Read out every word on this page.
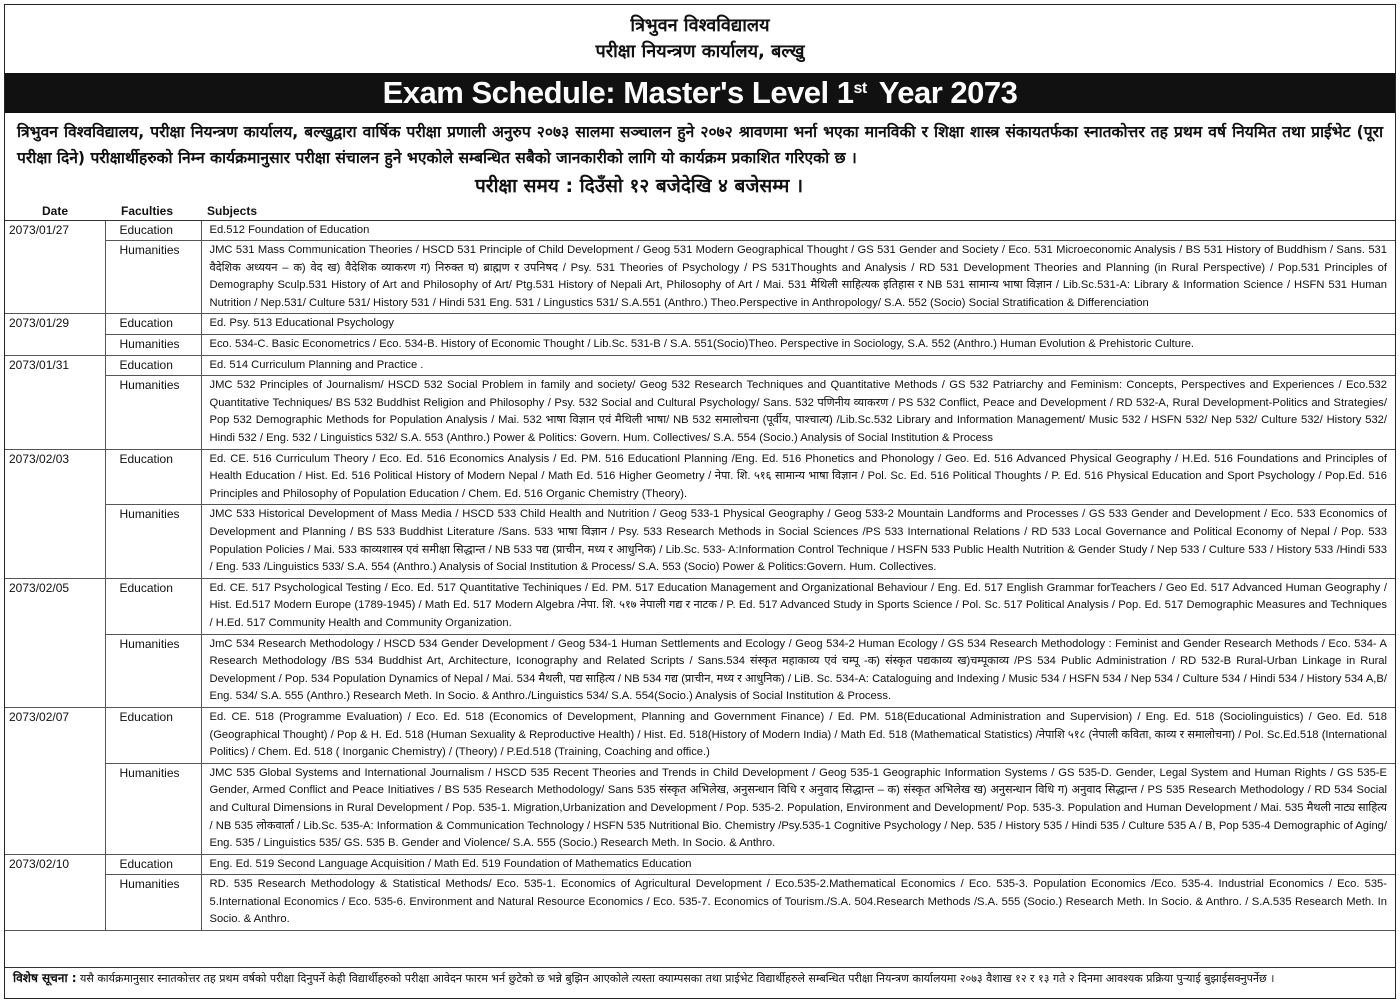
त्रिभुवन विश्वविद्यालय
परीक्षा नियन्त्रण कार्यालय, बल्खु
Exam Schedule: Master's Level 1st Year 2073
त्रिभुवन विश्वविद्यालय, परीक्षा नियन्त्रण कार्यालय, बल्खुद्वारा वार्षिक परीक्षा प्रणाली अनुरुप २०७३ सालमा सञ्चालन हुने २०७२ श्रावणमा भर्ना भएका मानविकी र शिक्षा शास्त्र संकायतर्फका स्नातकोत्तर तह प्रथम वर्ष नियमित तथा प्राईभेट (पूरा परीक्षा दिने) परीक्षार्थीहरुको निम्न कार्यक्रमानुसार परीक्षा संचालन हुने भएकोले सम्बन्धित सबैको जानकारीको लागि यो कार्यक्रम प्रकाशित गरिएको छ ।
परीक्षा समय : दिउँसो १२ बजेदेखि ४ बजेसम्म ।
Date	Faculties	Subjects
2073/01/27	Education	Ed.512 Foundation of Education
	Humanities	JMC 531 Mass Communication Theories / HSCD 531 Principle of Child Development / Geog 531 Modern Geographical Thought / GS 531 Gender and Society / Eco. 531 Microeconomic Analysis / BS 531 History of Buddhism / Sans. 531 वैदेशिक अध्ययन – क) वेद ख) वैदेशिक व्याकरण ग) निरुक्त घ) ब्राह्मण र उपनिषद / Psy. 531 Theories of Psychology / PS 531Thoughts and Analysis / RD 531 Development Theories and Planning (in Rural Perspective) / Pop.531 Principles of Demography Sculp.531 History of Art and Philosophy of Art/ Ptg.531 History of Nepali Art, Philosophy of Art / Mai. 531 मैथिली साहित्यक इतिहास र NB 531 सामान्य भाषा विज्ञान / Lib.Sc.531-A: Library & Information Science / HSFN 531 Human Nutrition / Nep.531/ Culture 531/ History 531 / Hindi 531 Eng. 531 / Lingustics 531/ S.A.551 (Anthro.) Theo.Perspective in Anthropology/ S.A. 552 (Socio) Social Stratification & Differenciation
2073/01/29	Education	Ed. Psy. 513 Educational Psychology
	Humanities	Eco. 534-C. Basic Econometrics / Eco. 534-B. History of Economic Thought / Lib.Sc. 531-B / S.A. 551(Socio)Theo. Perspective in Sociology, S.A. 552 (Anthro.) Human Evolution & Prehistoric Culture.
2073/01/31	Education	Ed. 514 Curriculum Planning and Practice .
	Humanities	JMC 532 Principles of Journalism/ HSCD 532 Social Problem in family and society/ Geog 532 Research Techniques and Quantitative Methods / GS 532 Patriarchy and Feminism: Concepts, Perspectives and Experiences / Eco.532 Quantitative Techniques/ BS 532 Buddhist Religion and Philosophy / Psy. 532 Social and Cultural Psychology/ Sans. 532 पणिनीय व्याकरण / PS 532 Conflict, Peace and Development / RD 532-A, Rural Development-Politics and Strategies/ Pop 532 Demographic Methods for Population Analysis / Mai. 532 भाषा विज्ञान एवं मैथिली भाषा/ NB 532 समालोचना (पूर्वीय, पाश्चात्य) /Lib.Sc.532 Library and Information Management/ Music 532 / HSFN 532/ Nep 532/ Culture 532/ History 532/ Hindi 532 / Eng. 532 / Linguistics 532/ S.A. 553 (Anthro.) Power & Politics: Govern. Hum. Collectives/ S.A. 554 (Socio.) Analysis of Social Institution & Process
2073/02/03	Education	Ed. CE. 516 Curriculum Theory / Eco. Ed. 516 Economics Analysis / Ed. PM. 516 Educationl Planning /Eng. Ed. 516 Phonetics and Phonology / Geo. Ed. 516 Advanced Physical Geography / H.Ed. 516 Foundations and Principles of Health Education / Hist. Ed. 516 Political History of Modern Nepal / Math Ed. 516 Higher Geometry / नेपा. शि. ५१६ सामान्य भाषा विज्ञान / Pol. Sc. Ed. 516 Political Thoughts / P. Ed. 516 Physical Education and Sport Psychology / Pop.Ed. 516 Principles and Philosophy of Population Education / Chem. Ed. 516 Organic Chemistry (Theory).
	Humanities	JMC 533 Historical Development of Mass Media / HSCD 533 Child Health and Nutrition / Geog 533-1 Physical Geography / Geog 533-2 Mountain Landforms and Processes / GS 533 Gender and Development / Eco. 533 Economics of Development and Planning / BS 533 Buddhist Literature /Sans. 533 भाषा विज्ञान / Psy. 533 Research Methods in Social Sciences /PS 533 International Relations / RD 533 Local Governance and Political Economy of Nepal / Pop. 533 Population Policies / Mai. 533 काव्यशास्त्र एवं समीक्षा सिद्धान्त / NB 533 पद्य (प्राचीन, मध्य र आधुनिक) / Lib.Sc. 533- A:Information Control Technique / HSFN 533 Public Health Nutrition & Gender Study / Nep 533 / Culture 533 / History 533 /Hindi 533 / Eng. 533 /Linguistics 533/ S.A. 554 (Anthro.) Analysis of Social Institution & Process/ S.A. 553 (Socio) Power & Politics:Govern. Hum. Collectives.
2073/02/05	Education	Ed. CE. 517 Psychological Testing / Eco. Ed. 517 Quantitative Techiniques / Ed. PM. 517 Education Management and Organizational Behaviour / Eng. Ed. 517 English Grammar forTeachers / Geo Ed. 517 Advanced Human Geography / Hist. Ed.517 Modern Europe (1789-1945) / Math Ed. 517 Modern Algebra /नेपा. शि. ५१७ नेपाली गद्य र नाटक / P. Ed. 517 Advanced Study in Sports Science / Pol. Sc. 517 Political Analysis / Pop. Ed. 517 Demographic Measures and Techniques / H.Ed. 517 Community Health and Community Organization.
	Humanities	JmC 534 Research Methodology / HSCD 534 Gender Development / Geog 534-1 Human Settlements and Ecology / Geog 534-2 Human Ecology / GS 534 Research Methodology : Feminist and Gender Research Methods / Eco. 534- A Research Methodology /BS 534 Buddhist Art, Architecture, Iconography and Related Scripts / Sans.534 संस्कृत महाकाव्य एवं चम्पू -क) संस्कृत पद्यकाव्य ख)चम्पूकाव्य /PS 534 Public Administration / RD 532-B Rural-Urban Linkage in Rural Development / Pop. 534 Population Dynamics of Nepal / Mai. 534 मैथली, पद्य साहित्य / NB 534 गद्य (प्राचीन, मध्य र आधुनिक) / LiB. Sc. 534-A: Cataloguing and Indexing / Music 534 / HSFN 534 / Nep 534 / Culture 534 / Hindi 534 / History 534 A,B/ Eng. 534/ S.A. 555 (Anthro.) Research Meth. In Socio. & Anthro./Linguistics 534/ S.A. 554(Socio.) Analysis of Social Institution & Process.
2073/02/07	Education	Ed. CE. 518 (Programme Evaluation) / Eco. Ed. 518 (Economics of Development, Planning and Government Finance) / Ed. PM. 518(Educational Administration and Supervision) / Eng. Ed. 518 (Sociolinguistics) / Geo. Ed. 518 (Geographical Thought) / Pop & H. Ed. 518 (Human Sexuality & Reproductive Health) / Hist. Ed. 518(History of Modern India) / Math Ed. 518 (Mathematical Statistics) /नेपाशि ५१८ (नेपाली कविता, काव्य र समालोचना) / Pol. Sc.Ed.518 (International Politics) / Chem. Ed. 518 ( Inorganic Chemistry) / (Theory) / P.Ed.518 (Training, Coaching and office.)
	Humanities	JMC 535 Global Systems and International Journalism / HSCD 535 Recent Theories and Trends in Child Development / Geog 535-1 Geographic Information Systems / GS 535-D. Gender, Legal System and Human Rights / GS 535-E Gender, Armed Conflict and Peace Initiatives / BS 535 Research Methodology/ Sans 535 संस्कृत अभिलेख, अनुसन्धान विधि र अनुवाद सिद्धान्त – क) संस्कृत अभिलेख ख) अनुसन्धान विधि ग) अनुवाद सिद्धान्त / PS 535 Research Methodology / RD 534 Social and Cultural Dimensions in Rural Development / Pop. 535-1. Migration,Urbanization and Development / Pop. 535-2. Population, Environment and Development/ Pop. 535-3. Population and Human Development / Mai. 535 मैथली नाट्य साहित्य / NB 535 लोकवार्ता / Lib.Sc. 535-A: Information & Communication Technology / HSFN 535 Nutritional Bio. Chemistry /Psy.535-1 Cognitive Psychology / Nep. 535 / History 535 / Hindi 535 / Culture 535 A / B, Pop 535-4 Demographic of Aging/ Eng. 535 / Linguistics 535/ GS. 535 B. Gender and Violence/ S.A. 555 (Socio.) Research Meth. In Socio. & Anthro.
2073/02/10	Education	Eng. Ed. 519 Second Language Acquisition / Math Ed. 519 Foundation of Mathematics Education
	Humanities	RD. 535 Research Methodology & Statistical Methods/ Eco. 535-1. Economics of Agricultural Development / Eco.535-2.Mathematical Economics / Eco. 535-3. Population Economics /Eco. 535-4. Industrial Economics / Eco. 535-5.International Economics / Eco. 535-6. Environment and Natural Resource Economics / Eco. 535-7. Economics of Tourism./S.A. 504.Research Methods /S.A. 555 (Socio.) Research Meth. In Socio. & Anthro. / S.A.535 Research Meth. In Socio. & Anthro.
विशेष सूचना : यसै कार्यक्रमानुसार स्नातकोत्तर तह प्रथम वर्षको परीक्षा दिनुपर्ने केही विद्यार्थीहरुको परीक्षा आवेदन फारम भर्न छुटेको छ भन्ने बुझिन आएकोले त्यस्ता क्याम्पसका तथा प्राईभेट विद्यार्थीहरुले सम्बन्धित परीक्षा नियन्त्रण कार्यालयमा २०७३ वैशाख १२ र १३ गते २ दिनमा आवश्यक प्रक्रिया पुऱ्याई बुझाईसक्नुपर्नेछ ।
